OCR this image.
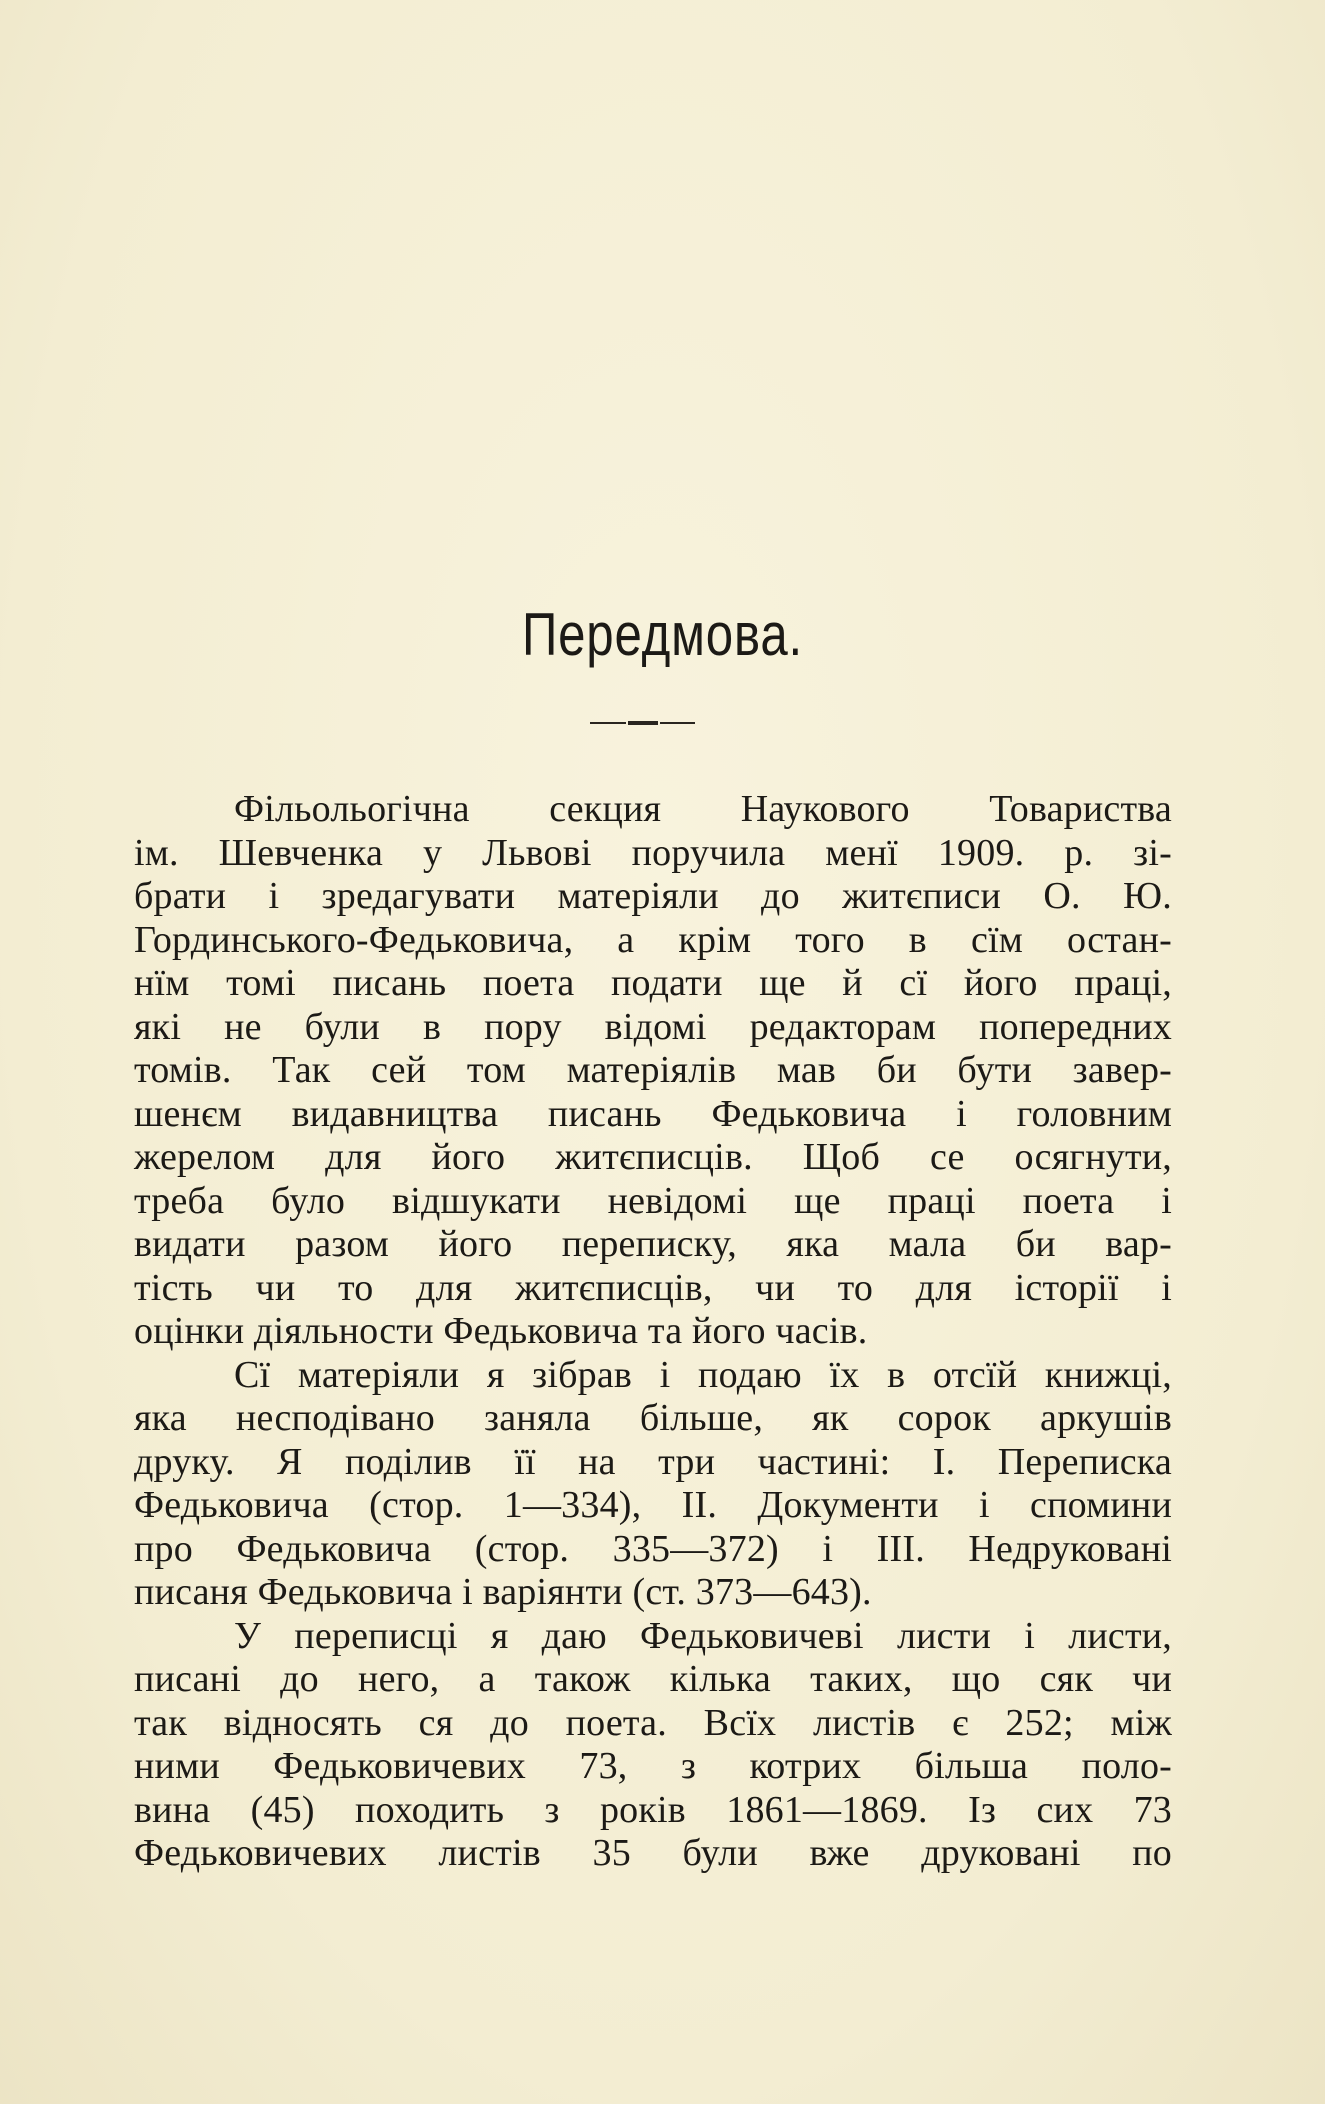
Передмова.
Фільольогічна секция Наукового Товариства
ім. Шевченка у Львові поручила менї 1909. р. зі-
брати і зредагувати матеріяли до житєписи О. Ю.
Гординського-Федьковича, а крім того в сїм остан-
нїм томі писань поета подати ще й сї його праці,
які не були в пору відомі редакторам попередних
томів. Так сей том матеріялів мав би бути завер-
шенєм видавництва писань Федьковича і головним
жерелом для його житєписців. Щоб се осягнути,
треба було відшукати невідомі ще праці поета і
видати разом його переписку, яка мала би вар-
тість чи то для житєписців, чи то для історії і
оцінки діяльности Федьковича та його часів.
Сї матеріяли я зібрав і подаю їх в отсїй книжці,
яка несподівано заняла більше, як сорок аркушів
друку. Я поділив її на три частині: І. Переписка
Федьковича (стор. 1—334), II. Документи і спомини
про Федьковича (стор. 335—372) і III. Недруковані
писаня Федьковича і варіянти (ст. 373—643).
У переписці я даю Федьковичеві листи і листи,
писані до него, а також кілька таких, що сяк чи
так відносять ся до поета. Всїх листів є 252; між
ними Федьковичевих 73, з котрих більша поло-
вина (45) походить з років 1861—1869. Із сих 73
Федьковичевих листів 35 були вже друковані по
